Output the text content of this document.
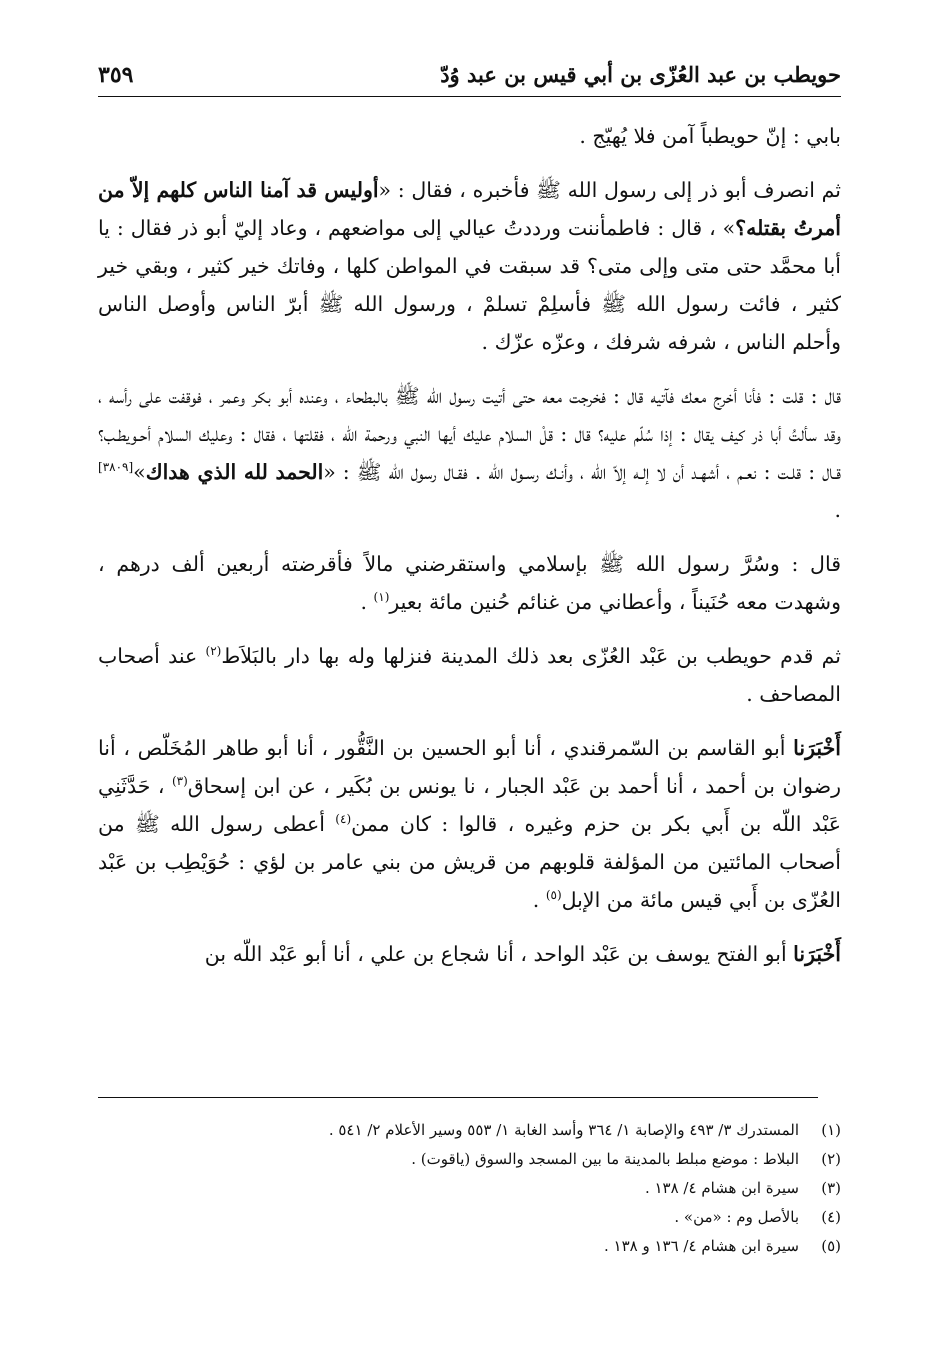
حويطب بن عبد العُزّى بن أبي قيس بن عبد وُدّ
٣٥٩

بابي : إنّ حويطباً آمن فلا يُهيّج .

ثم انصرف أبو ذر إلى رسول الله ﷺ فأخبره ، فقال : «أوليس قد آمنا الناس كلهم إلاّ من أمرتُ بقتله؟» ، قال : فاطمأننت ورددتُ عيالي إلى مواضعهم ، وعاد إليّ أبو ذر فقال : يا أبا محمَّد حتى متى وإلى متى؟ قد سبقت في المواطن كلها ، وفاتك خير كثير ، وبقي خير كثير ، فائت رسول الله ﷺ فأسلِمْ تسلمْ ، ورسول الله ﷺ أبرّ الناس وأوصل الناس وأحلم الناس ، شرفه شرفك ، وعزّه عزّك .

قال : قلت : فأنا أخرج معك فآتيه قال : فخرجت معه حتى أتيت رسول الله ﷺ بالبطحاء ، وعنده أبو بكر وعمر ، فوقفت على رأسه ، وقد سألتُ أبا ذر كيف يقال : إذا سُلّم عليه؟ قال : قلْ السلام عليك أيها النبي ورحمة الله ، فقلتها ، فقال : وعليك السلام أحـويطـب؟ قـال : قلـت : نعـم ، أشهـد أن لا إلـه إلاّ الله ، وأنـك رسـول الله . فقـال رسول الله ﷺ : «الحمد لله الذي هداك»[٣٨٠٩] .

قال : وسُرَّ رسول الله ﷺ بإسلامي واستقرضني مالاً فأقرضته أربعين ألف درهم ، وشهدت معه حُنَيناً ، وأعطاني من غنائم حُنين مائة بعير$^{(١)}$ .

ثم قدم حويطب بن عَبْد العُزّى بعد ذلك المدينة فنزلها وله بها دار بالبَلاَط$^{(٢)}$ عند أصحاب المصاحف .

أَخْبَرَنا أبو القاسم بن السّمرقندي ، أنا أبو الحسين بن النَّقُّور ، أنا أبو طاهر المُخَلّص ، أنا رضوان بن أحمد ، أنا أحمد بن عَبْد الجبار ، نا يونس بن بُكَير ، عن ابن إسحاق$^{(٣)}$ ، حَدَّثَنِي عَبْد اللّه بن أَبي بكر بن حزم وغيره ، قالوا : كان ممن$^{(٤)}$ أعطى رسول الله ﷺ من أصحاب المائتين من المؤلفة قلوبهم من قريش من بني عامر بن لؤي : حُوَيْطِب بن عَبْد العُزّى بن أَبي قيس مائة من الإبل$^{(٥)}$ .

أَخْبَرَنا أبو الفتح يوسف بن عَبْد الواحد ، أنا شجاع بن علي ، أنا أبو عَبْد اللّه بن

(١)
المستدرك ٣/ ٤٩٣ والإصابة ١/ ٣٦٤ وأسد الغابة ١/ ٥٥٣ وسير الأعلام ٢/ ٥٤١ .
(٢)
البلاط : موضع مبلط بالمدينة ما بين المسجد والسوق (ياقوت) .
(٣)
سيرة ابن هشام ٤/ ١٣٨ .
(٤)
بالأصل وم : «من» .
(٥)
سيرة ابن هشام ٤/ ١٣٦ و ١٣٨ .
